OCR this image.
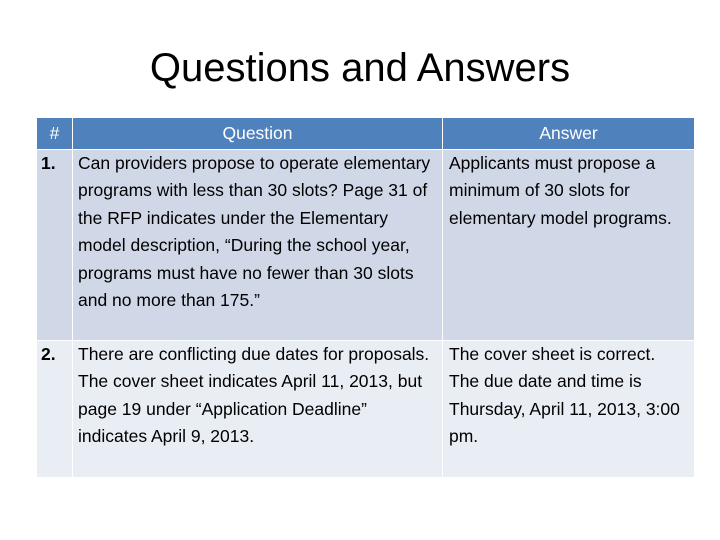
Questions and Answers
#	Question	Answer
1.	Can providers propose to operate elementary programs with less than 30 slots? Page 31 of the RFP indicates under the Elementary model description, “During the school year, programs must have no fewer than 30 slots and no more than 175.”	Applicants must propose a minimum of 30 slots for elementary model programs.
2.	There are conflicting due dates for proposals. The cover sheet indicates April 11, 2013, but page 19 under “Application Deadline” indicates April 9, 2013.	The cover sheet is correct. The due date and time is Thursday, April 11, 2013, 3:00 pm.
